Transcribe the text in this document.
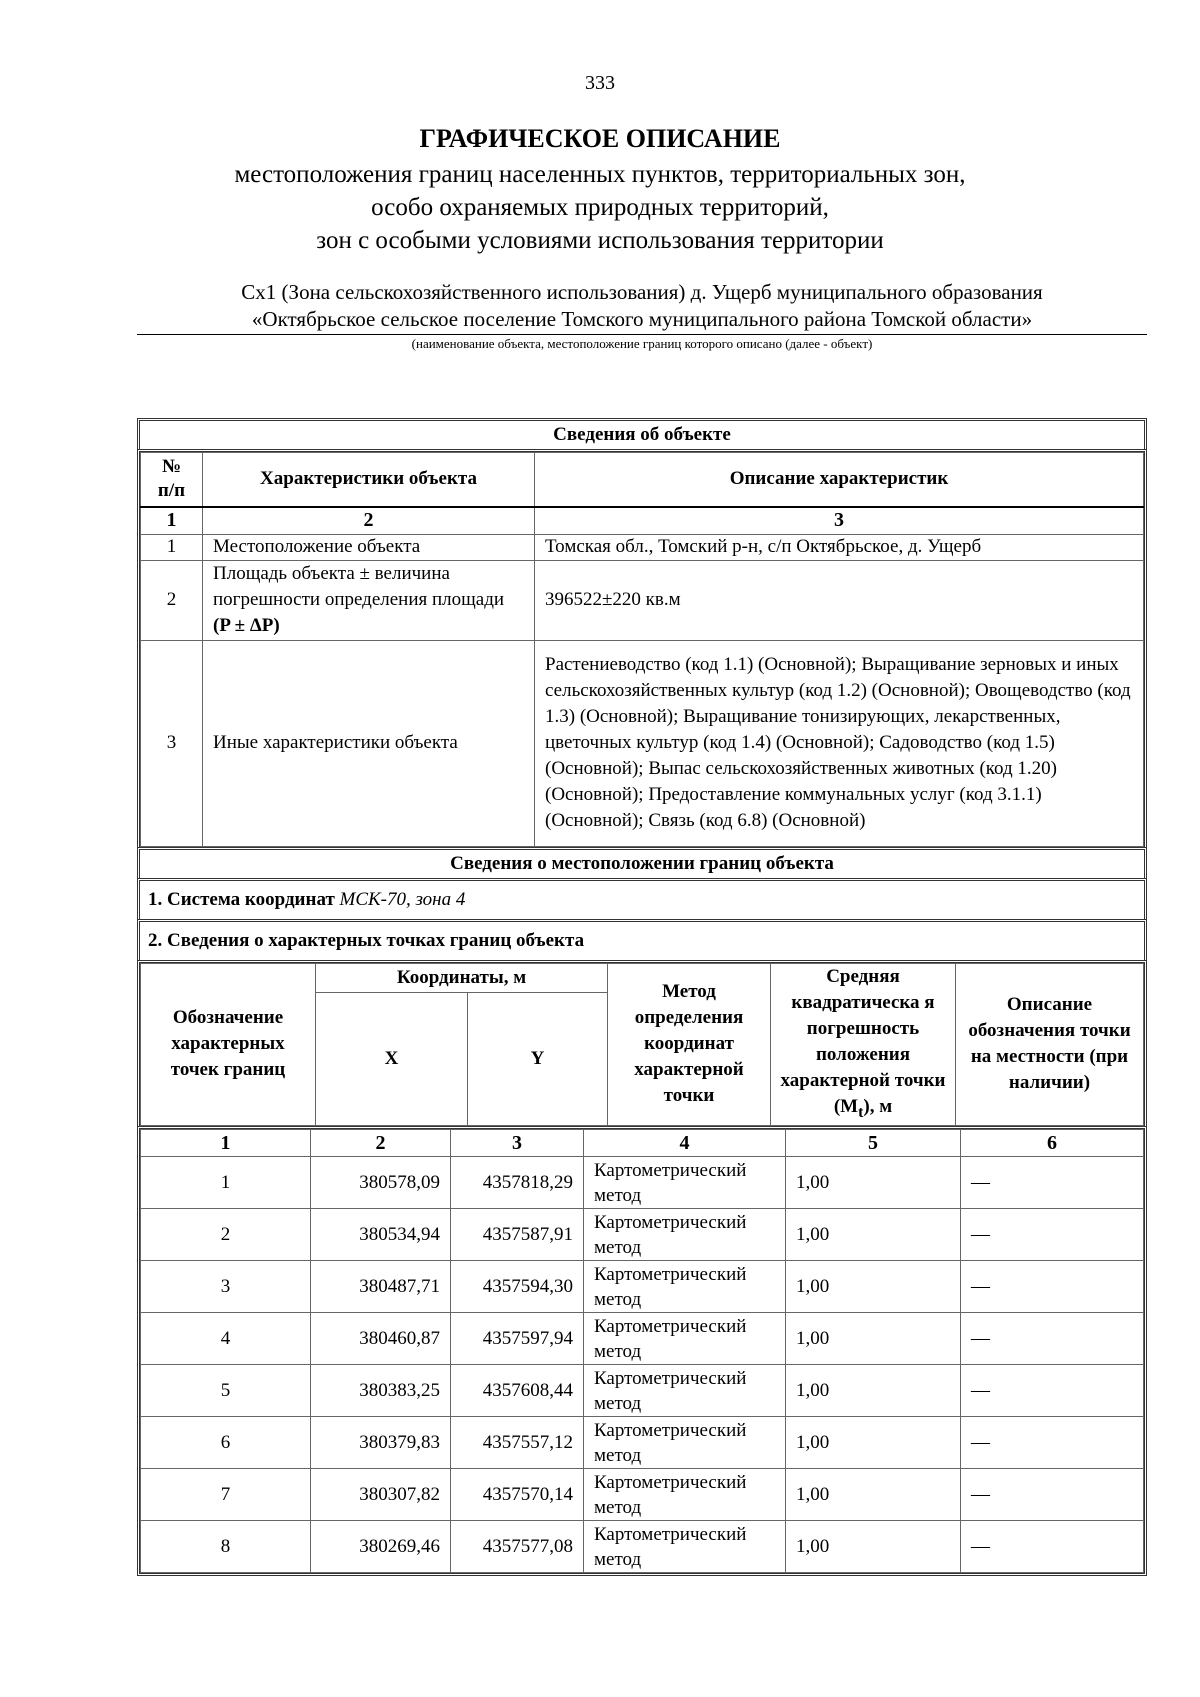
333
ГРАФИЧЕСКОЕ ОПИСАНИЕ
местоположения границ населенных пунктов, территориальных зон,
особо охраняемых природных территорий,
зон с особыми условиями использования территории
Сх1 (Зона сельскохозяйственного использования) д. Ущерб муниципального образования
«Октябрьское сельское поселение Томского муниципального района Томской области»
(наименование объекта, местоположение границ которого описано (далее - объект)
Сведения об объекте
№
п/п	Характеристики объекта	Описание характеристик
1	2	3
1	Местоположение объекта	Томская обл., Томский р-н, с/п Октябрьское, д. Ущерб
2	Площадь объекта ± величина погрешности определения площади (P ± ΔP)	396522±220 кв.м
3	Иные характеристики объекта	Растениеводство (код 1.1) (Основной); Выращивание зерновых и иных сельскохозяйственных культур (код 1.2) (Основной); Овощеводство (код 1.3) (Основной); Выращивание тонизирующих, лекарственных, цветочных культур (код 1.4) (Основной); Садоводство (код 1.5) (Основной); Выпас сельскохозяйственных животных (код 1.20) (Основной); Предоставление коммунальных услуг (код 3.1.1) (Основной); Связь (код 6.8) (Основной)
Сведения о местоположении границ объекта
1. Система координат МСК-70, зона 4
2. Сведения о характерных точках границ объекта
Обозначение характерных точек границ	Координаты, м		Метод определения координат характерной точки	Средняя квадратическа я погрешность положения характерной точки $(M_t)$, м	Описание обозначения точки на местности (при наличии)
	X	Y			
1	2	3	4	5	6
1	380578,09	4357818,29	Картометрический метод	1,00	—
2	380534,94	4357587,91	Картометрический метод	1,00	—
3	380487,71	4357594,30	Картометрический метод	1,00	—
4	380460,87	4357597,94	Картометрический метод	1,00	—
5	380383,25	4357608,44	Картометрический метод	1,00	—
6	380379,83	4357557,12	Картометрический метод	1,00	—
7	380307,82	4357570,14	Картометрический метод	1,00	—
8	380269,46	4357577,08	Картометрический метод	1,00	—
